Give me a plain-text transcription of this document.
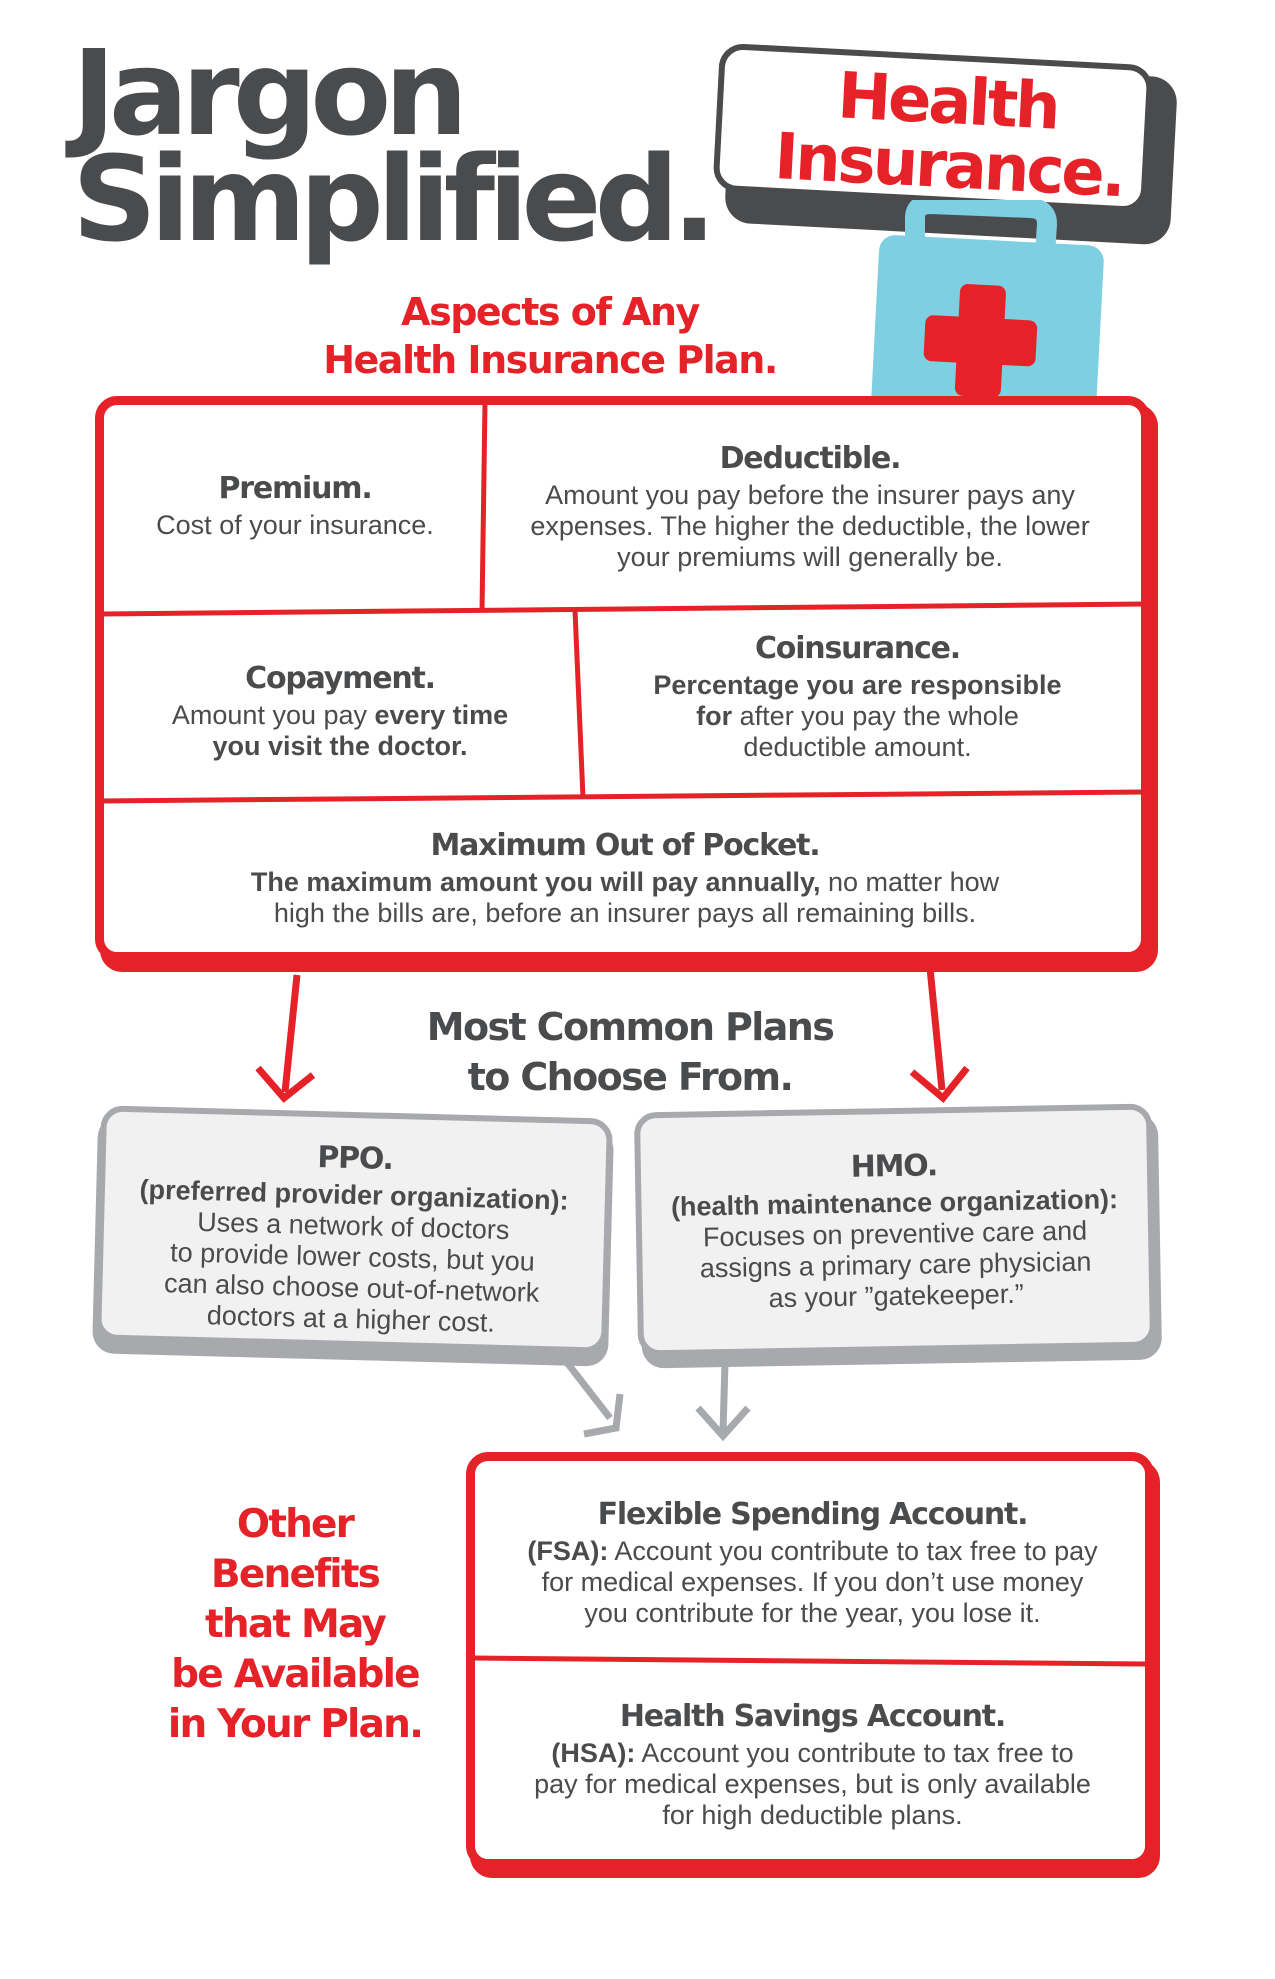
Jargon
Simplified.
Aspects of Any
Health Insurance Plan.
Health
Insurance.
Premium.
Cost of your insurance.
Deductible.
Amount you pay before the insurer pays any
expenses. The higher the deductible, the lower
your premiums will generally be.
Copayment.
Amount you pay every time
you visit the doctor.
Coinsurance.
Percentage you are responsible
for after you pay the whole
deductible amount.
Maximum Out of Pocket.
The maximum amount you will pay annually, no matter how
high the bills are, before an insurer pays all remaining bills.
Most Common Plans
to Choose From.
PPO.
(preferred provider organization):
Uses a network of doctors
to provide lower costs, but you
can also choose out-of-network
doctors at a higher cost.
HMO.
(health maintenance organization):
Focuses on preventive care and
assigns a primary care physician
as your ”gatekeeper.”
Other
Benefits
that May
be Available
in Your Plan.
Flexible Spending Account.
(FSA): Account you contribute to tax free to pay
for medical expenses. If you don’t use money
you contribute for the year, you lose it.
Health Savings Account.
(HSA): Account you contribute to tax free to
pay for medical expenses, but is only available
for high deductible plans.
